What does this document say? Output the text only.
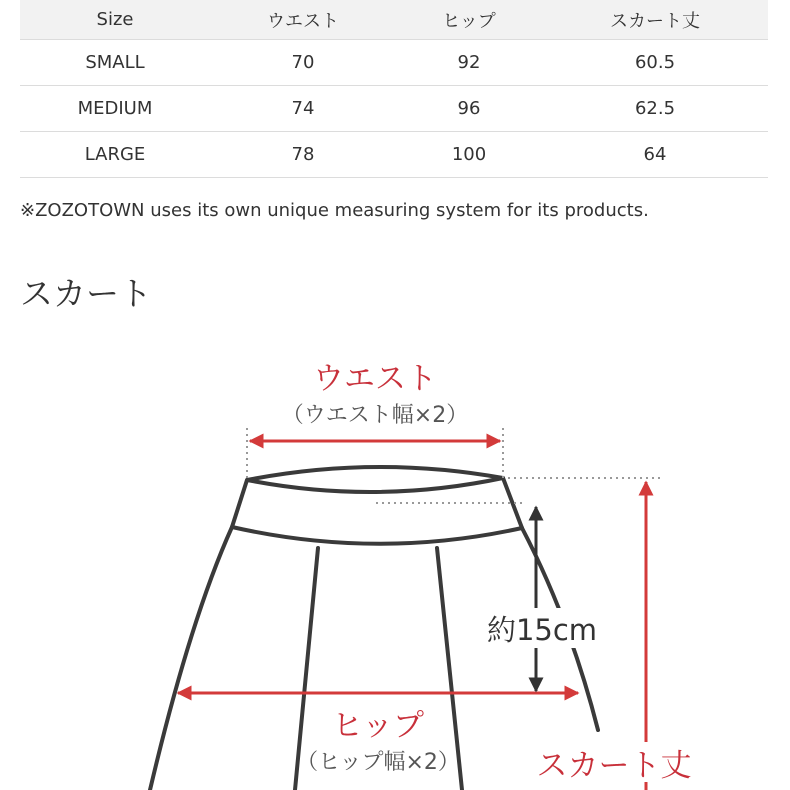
Size	ウエスト	ヒップ	スカート丈
SMALL	70	92	60.5
MEDIUM	74	96	62.5
LARGE	78	100	64
※ZOZOTOWN uses its own unique measuring system for its products.
スカート
ウエスト
（ウエスト幅×2）
約15cm
ヒップ
（ヒップ幅×2） スカート丈
